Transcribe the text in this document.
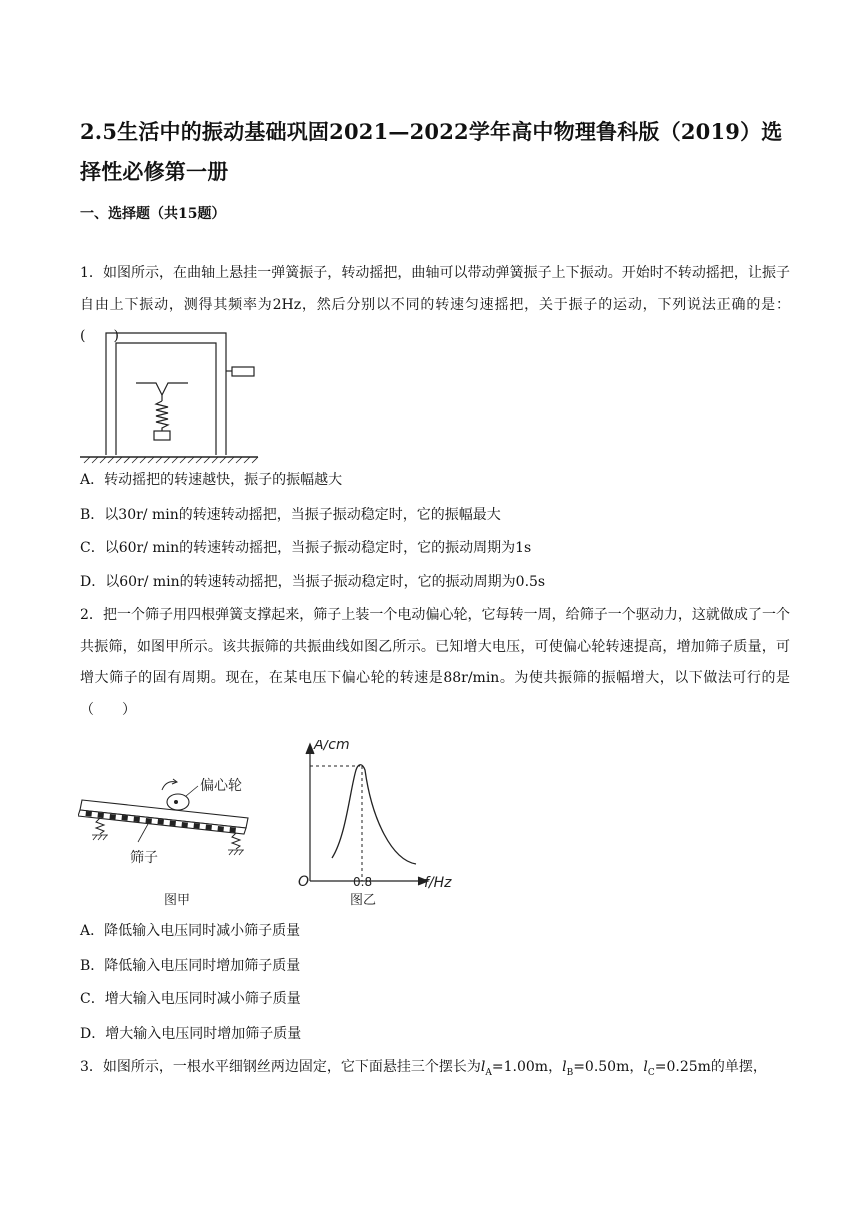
2.5生活中的振动基础巩固2021—2022学年高中物理鲁科版（2019）选择性必修第一册
一、选择题（共15题）
1．如图所示，在曲轴上悬挂一弹簧振子，转动摇把，曲轴可以带动弹簧振子上下振动。开始时不转动摇把，让振子自由上下振动，测得其频率为2Hz，然后分别以不同的转速匀速摇把，关于振子的运动，下列说法正确的是：(　　)
A．转动摇把的转速越快，振子的振幅越大
B．以30r/ min的转速转动摇把，当振子振动稳定时，它的振幅最大
C．以60r/ min的转速转动摇把，当振子振动稳定时，它的振动周期为1s
D．以60r/ min的转速转动摇把，当振子振动稳定时，它的振动周期为0.5s
2．把一个筛子用四根弹簧支撑起来，筛子上装一个电动偏心轮，它每转一周，给筛子一个驱动力，这就做成了一个共振筛，如图甲所示。该共振筛的共振曲线如图乙所示。已知增大电压，可使偏心轮转速提高，增加筛子质量，可增大筛子的固有周期。现在，在某电压下偏心轮的转速是88r/min。为使共振筛的振幅增大，以下做法可行的是（　　）
偏心轮
筛子
图甲
A/cm
f/Hz
O	0.8
图乙
A．降低输入电压同时减小筛子质量
B．降低输入电压同时增加筛子质量
C．增大输入电压同时减小筛子质量
D．增大输入电压同时增加筛子质量
3．如图所示，一根水平细钢丝两边固定，它下面悬挂三个摆长为$l_A=1.00m$，$l_B=0.50m$，$l_C=0.25m$的单摆，
